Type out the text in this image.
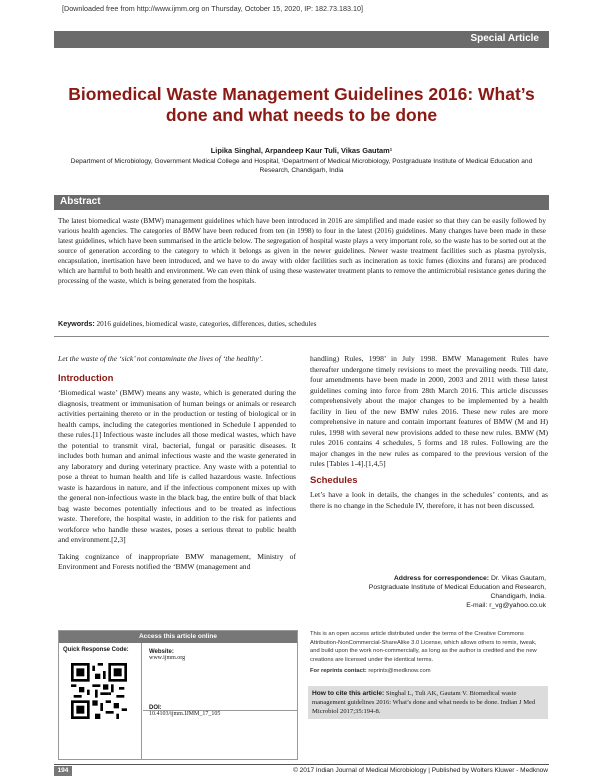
[Downloaded free from http://www.ijmm.org on Thursday, October 15, 2020, IP: 182.73.183.10]
Special Article
Biomedical Waste Management Guidelines 2016: What’s done and what needs to be done
Lipika Singhal, Arpandeep Kaur Tuli, Vikas Gautam¹
Department of Microbiology, Government Medical College and Hospital, ¹Department of Medical Microbiology, Postgraduate Institute of Medical Education and Research, Chandigarh, India
Abstract

The latest biomedical waste (BMW) management guidelines which have been introduced in 2016 are simplified and made easier so that they can be easily followed by various health agencies. The categories of BMW have been reduced from ten (in 1998) to four in the latest (2016) guidelines. Many changes have been made in these latest guidelines, which have been summarised in the article below. The segregation of hospital waste plays a very important role, so the waste has to be sorted out at the source of generation according to the category to which it belongs as given in the newer guidelines. Newer waste treatment facilities such as plasma pyrolysis, encapsulation, inertisation have been introduced, and we have to do away with older facilities such as incineration as toxic fumes (dioxins and furans) are produced which are harmful to both health and environment. We can even think of using these wastewater treatment plants to remove the antimicrobial resistance genes during the processing of the waste, which is being generated from the hospitals.

Keywords: 2016 guidelines, biomedical waste, categories, differences, duties, schedules

Let the waste of the ‘sick’ not contaminate the lives of ‘the healthy’.

Introduction

‘Biomedical waste’ (BMW) means any waste, which is generated during the diagnosis, treatment or immunisation of human beings or animals or research activities pertaining thereto or in the production or testing of biological or in health camps, including the categories mentioned in Schedule I appended to these rules.[1] Infectious waste includes all those medical wastes, which have the potential to transmit viral, bacterial, fungal or parasitic diseases. It includes both human and animal infectious waste and the waste generated in any laboratory and during veterinary practice. Any waste with a potential to pose a threat to human health and life is called hazardous waste. Infectious waste is hazardous in nature, and if the infectious component mixes up with the general non-infectious waste in the black bag, the entire bulk of that black bag waste becomes potentially infectious and to be treated as infectious waste. Therefore, the hospital waste, in addition to the risk for patients and workforce who handle these wastes, poses a serious threat to public health and environment.[2,3]

Taking cognizance of inappropriate BMW management, Ministry of Environment and Forests notified the ‘BMW (management and

handling) Rules, 1998’ in July 1998. BMW Management Rules have thereafter undergone timely revisions to meet the prevailing needs. Till date, four amendments have been made in 2000, 2003 and 2011 with these latest guidelines coming into force from 28th March 2016. This article discusses comprehensively about the major changes to be implemented by a health facility in lieu of the new BMW rules 2016. These new rules are more comprehensive in nature and contain important features of BMW (M and H) rules, 1998 with several new provisions added to these new rules. BMW (M) rules 2016 contains 4 schedules, 5 forms and 18 rules. Following are the major changes in the new rules as compared to the previous version of the rules [Tables 1-4].[1,4,5]

Schedules

Let’s have a look in details, the changes in the schedules’ contents, and as there is no change in the Schedule IV, therefore, it has not been discussed.

Address for correspondence: Dr. Vikas Gautam,
Postgraduate Institute of Medical Education and Research,
Chandigarh, India.
E-mail: r_vg@yahoo.co.uk
Access this article online
Quick Response Code:	Website:
www.ijmm.org
DOI:
10.4103/ijmm.IJMM_17_105
This is an open access article distributed under the terms of the Creative Commons Attribution-NonCommercial-ShareAlike 3.0 License, which allows others to remix, tweak, and build upon the work non-commercially, as long as the author is credited and the new creations are licensed under the identical terms.
For reprints contact: reprints@medknow.com
How to cite this article: Singhal L, Tuli AK, Gautam V. Biomedical waste management guidelines 2016: What’s done and what needs to be done. Indian J Med Microbiol 2017;35:194-8.
194	© 2017 Indian Journal of Medical Microbiology | Published by Wolters Kluwer - Medknow
